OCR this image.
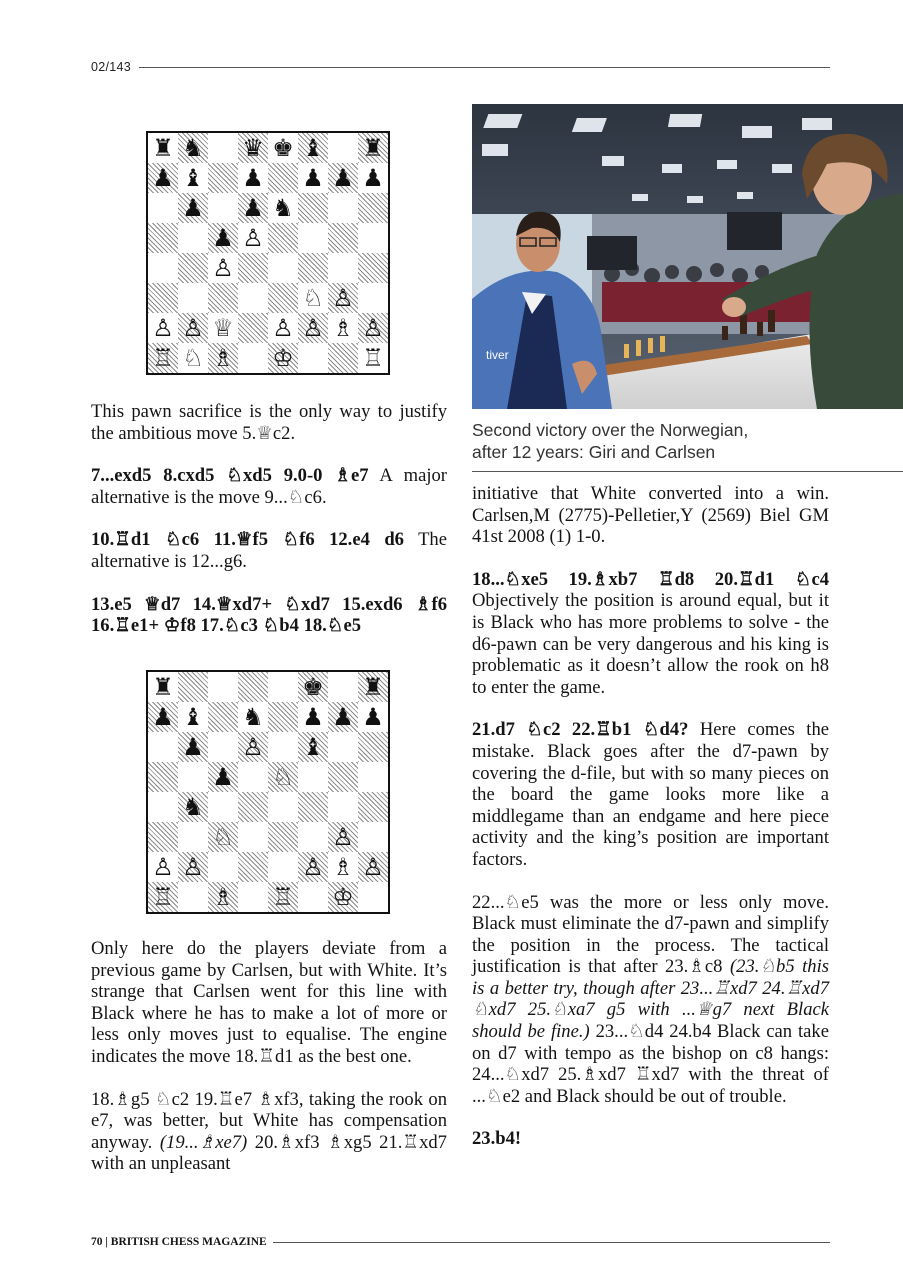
02/143
♜ ♞ ♛ ♚ ♝ ♜
♟ ♝ ♟ ♟ ♟ ♟
♟ ♟ ♞
♟ ♙
♙
♘ ♙
♙ ♙ ♕ ♙ ♙ ♗ ♙
♖ ♘ ♗ ♔	♖

This pawn sacrifice is the only way to justify the ambitious move 5.♕c2.

7...exd5 8.cxd5 ♘xd5 9.0-0 ♗e7 A major alternative is the move 9...♘c6.

10.♖d1 ♘c6 11.♕f5 ♘f6 12.e4 d6 The alternative is 12...g6.

13.e5 ♕d7 14.♕xd7+ ♘xd7 15.exd6 ♗f6 16.♖e1+ ♔f8 17.♘c3 ♘b4 18.♘e5

♜	♚ ♜
♟ ♝ ♞ ♟ ♟ ♟
♟ ♙ ♝
♟ ♘
♞
♘	♙
♙ ♙	♙ ♗ ♙
♖ ♗ ♖ ♔

Only here do the players deviate from a previous game by Carlsen, but with White. It’s strange that Carlsen went for this line with Black where he has to make a lot of more or less only moves just to equalise. The engine indicates the move 18.♖d1 as the best one.

18.♗g5 ♘c2 19.♖e7 ♗xf3, taking the rook on e7, was better, but White has compensation anyway. (19...♗xe7) 20.♗xf3 ♗xg5 21.♖xd7 with an unpleasant

tiver
Second victory over the Norwegian,
after 12 years: Giri and Carlsen

initiative that White converted into a win. Carlsen,M (2775)-Pelletier,Y (2569) Biel GM 41st 2008 (1) 1-0.

18...♘xe5 19.♗xb7 ♖d8 20.♖d1 ♘c4 Objectively the position is around equal, but it is Black who has more problems to solve - the d6-pawn can be very dangerous and his king is problematic as it doesn’t allow the rook on h8 to enter the game.

21.d7 ♘c2 22.♖b1 ♘d4? Here comes the mistake. Black goes after the d7-pawn by covering the d-file, but with so many pieces on the board the game looks more like a middlegame than an endgame and here piece activity and the king’s position are important factors.

22...♘e5 was the more or less only move. Black must eliminate the d7-pawn and simplify the position in the process. The tactical justification is that after 23.♗c8 (23.♘b5 this is a better try, though after 23...♖xd7 24.♖xd7 ♘xd7 25.♘xa7 g5 with ...♕g7 next Black should be fine.) 23...♘d4 24.b4 Black can take on d7 with tempo as the bishop on c8 hangs: 24...♘xd7 25.♗xd7 ♖xd7 with the threat of ...♘e2 and Black should be out of trouble.

23.b4!

70 | BRITISH CHESS MAGAZINE
